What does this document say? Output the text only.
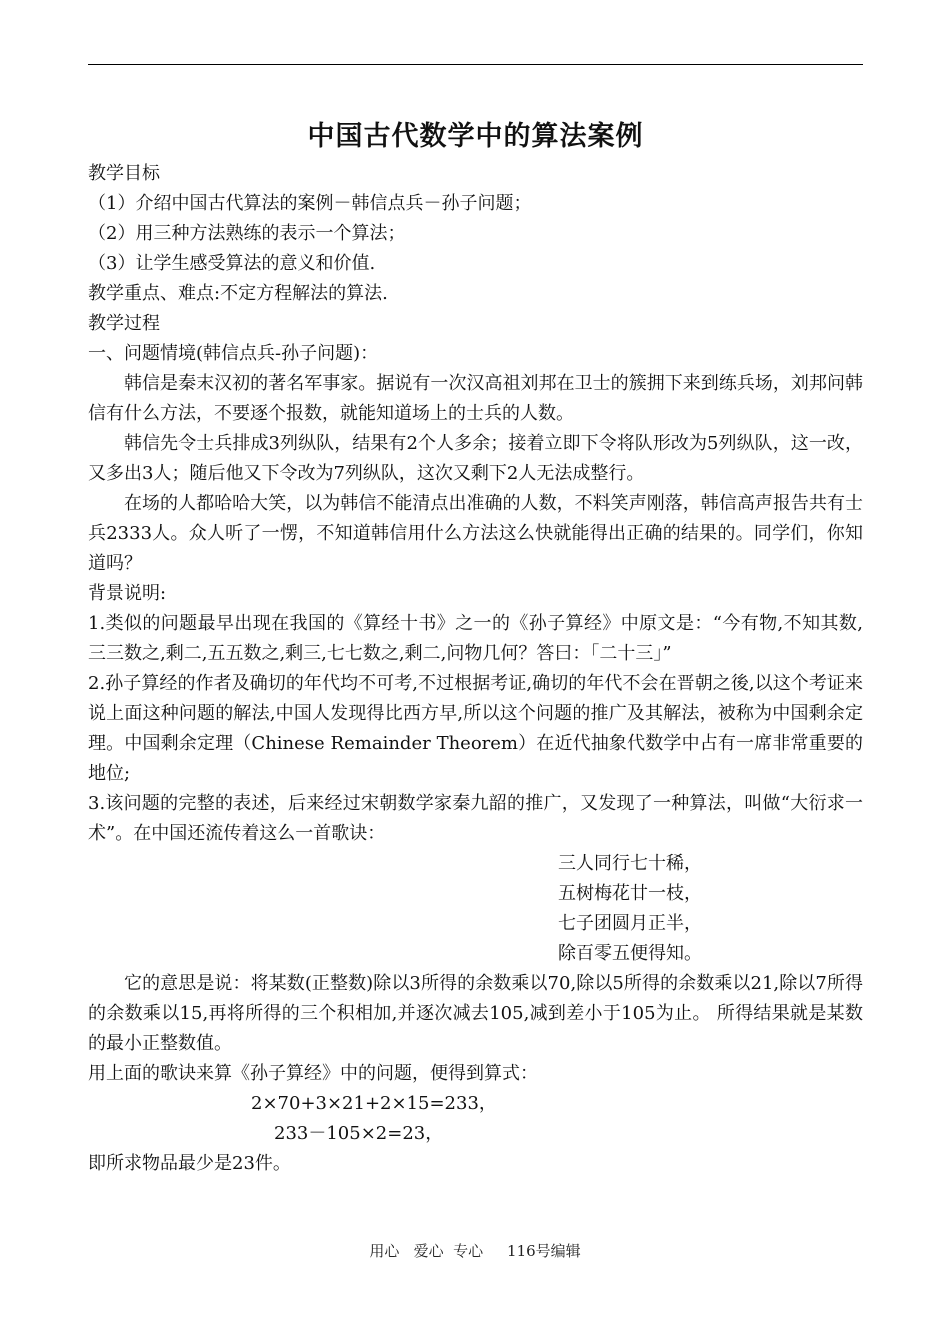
中国古代数学中的算法案例

教学目标

（1）介绍中国古代算法的案例－韩信点兵－孙子问题；

（2）用三种方法熟练的表示一个算法；

（3）让学生感受算法的意义和价值.

教学重点、难点:不定方程解法的算法.

教学过程

一、问题情境(韩信点兵-孙子问题)：

韩信是秦末汉初的著名军事家。据说有一次汉高祖刘邦在卫士的簇拥下来到练兵场，刘邦问韩信有什么方法，不要逐个报数，就能知道场上的士兵的人数。

韩信先令士兵排成3列纵队，结果有2个人多余；接着立即下令将队形改为5列纵队，这一改，又多出3人；随后他又下令改为7列纵队，这次又剩下2人无法成整行。

在场的人都哈哈大笑，以为韩信不能清点出准确的人数，不料笑声刚落，韩信高声报告共有士兵2333人。众人听了一愣，不知道韩信用什么方法这么快就能得出正确的结果的。同学们，你知道吗？

背景说明:

1.类似的问题最早出现在我国的《算经十书》之一的《孙子算经》中原文是：“今有物,不知其数,三三数之,剩二,五五数之,剩三,七七数之,剩二,问物几何？答曰：「二十三」”

2.孙子算经的作者及确切的年代均不可考,不过根据考证,确切的年代不会在晋朝之後,以这个考证来说上面这种问题的解法,中国人发现得比西方早,所以这个问题的推广及其解法，被称为中国剩余定理。中国剩余定理（Chinese Remainder Theorem）在近代抽象代数学中占有一席非常重要的地位;

3.该问题的完整的表述，后来经过宋朝数学家秦九韶的推广，又发现了一种算法，叫做“大衍求一术”。在中国还流传着这么一首歌诀：

三人同行七十稀，

五树梅花廿一枝，

七子团圆月正半，

除百零五便得知。

它的意思是说：将某数(正整数)除以3所得的余数乘以70,除以5所得的余数乘以21,除以7所得的余数乘以15,再将所得的三个积相加,并逐次减去105,减到差小于105为止。 所得结果就是某数的最小正整数值。

用上面的歌诀来算《孙子算经》中的问题，便得到算式：

2×70+3×21+2×15=233，

233－105×2=23，

即所求物品最少是23件。

用心   爱心  专心     116号编辑
